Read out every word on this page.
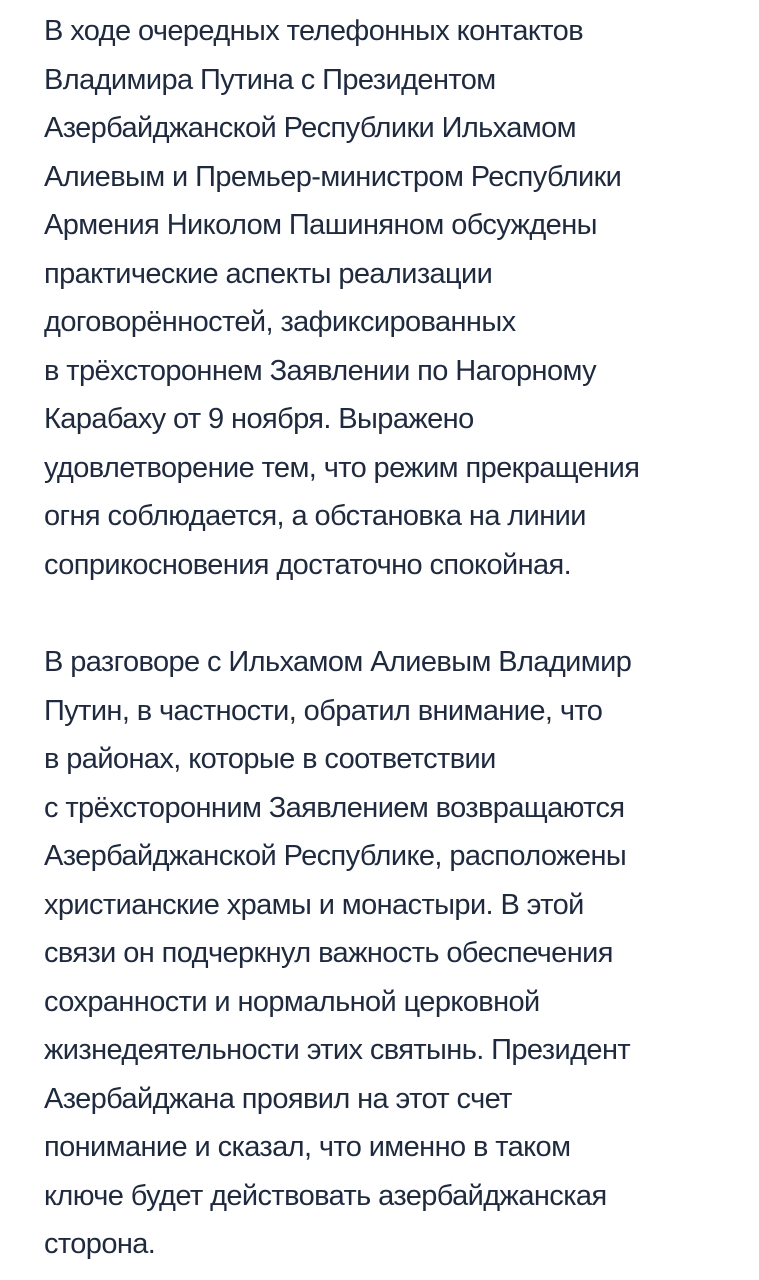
В ходе очередных телефонных контактов
Владимира Путина с Президентом
Азербайджанской Республики Ильхамом
Алиевым и Премьер-министром Республики
Армения Николом Пашиняном обсуждены
практические аспекты реализации
договорённостей, зафиксированных
в трёхстороннем Заявлении по Нагорному
Карабаху от 9 ноября. Выражено
удовлетворение тем, что режим прекращения
огня соблюдается, а обстановка на линии
соприкосновения достаточно спокойная.
В разговоре с Ильхамом Алиевым Владимир
Путин, в частности, обратил внимание, что
в районах, которые в соответствии
с трёхсторонним Заявлением возвращаются
Азербайджанской Республике, расположены
христианские храмы и монастыри. В этой
связи он подчеркнул важность обеспечения
сохранности и нормальной церковной
жизнедеятельности этих святынь. Президент
Азербайджана проявил на этот счет
понимание и сказал, что именно в таком
ключе будет действовать азербайджанская
сторона.
